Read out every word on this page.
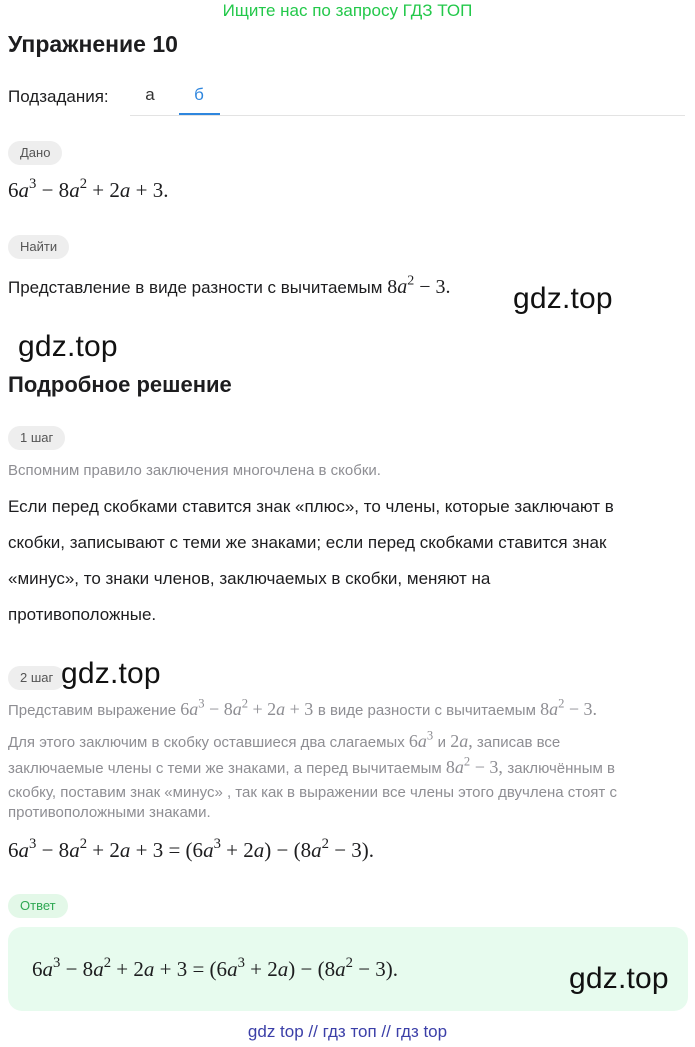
Ищите нас по запросу ГДЗ ТОП
Упражнение 10
Подзадания:	а	б
Дано
$6a^3 - 8a^2 + 2a + 3$.
Найти
Представление в виде разности с вычитаемым $8a^2 - 3$. gdz.top
gdz.top
Подробное решение
1 шаг
Вспомним правило заключения многочлена в скобки.
Если перед скобками ставится знак «плюс», то члены, которые заключают в
скобки, записывают с теми же знаками; если перед скобками ставится знак
«минус», то знаки членов, заключаемых в скобки, меняют на
противоположные.
2 шаг gdz.top
Представим выражение $6a^3 - 8a^2 + 2a + 3$ в виде разности с вычитаемым $8a^2 - 3$.
Для этого заключим в скобку оставшиеся два слагаемых $6a^3$ и 2a, записав все
заключаемые члены с теми же знаками, а перед вычитаемым $8a^2 - 3$, заключённым в
скобку, поставим знак «минус» , так как в выражении все члены этого двучлена стоят с
противоположными знаками.
$6a^3 - 8a^2 + 2a + 3 = (6a^3 + 2a) - (8a^2 - 3)$.
Ответ
$6a^3 - 8a^2 + 2a + 3 = (6a^3 + 2a) - (8a^2 - 3)$.	gdz.top
gdz top // гдз топ // гдз top
